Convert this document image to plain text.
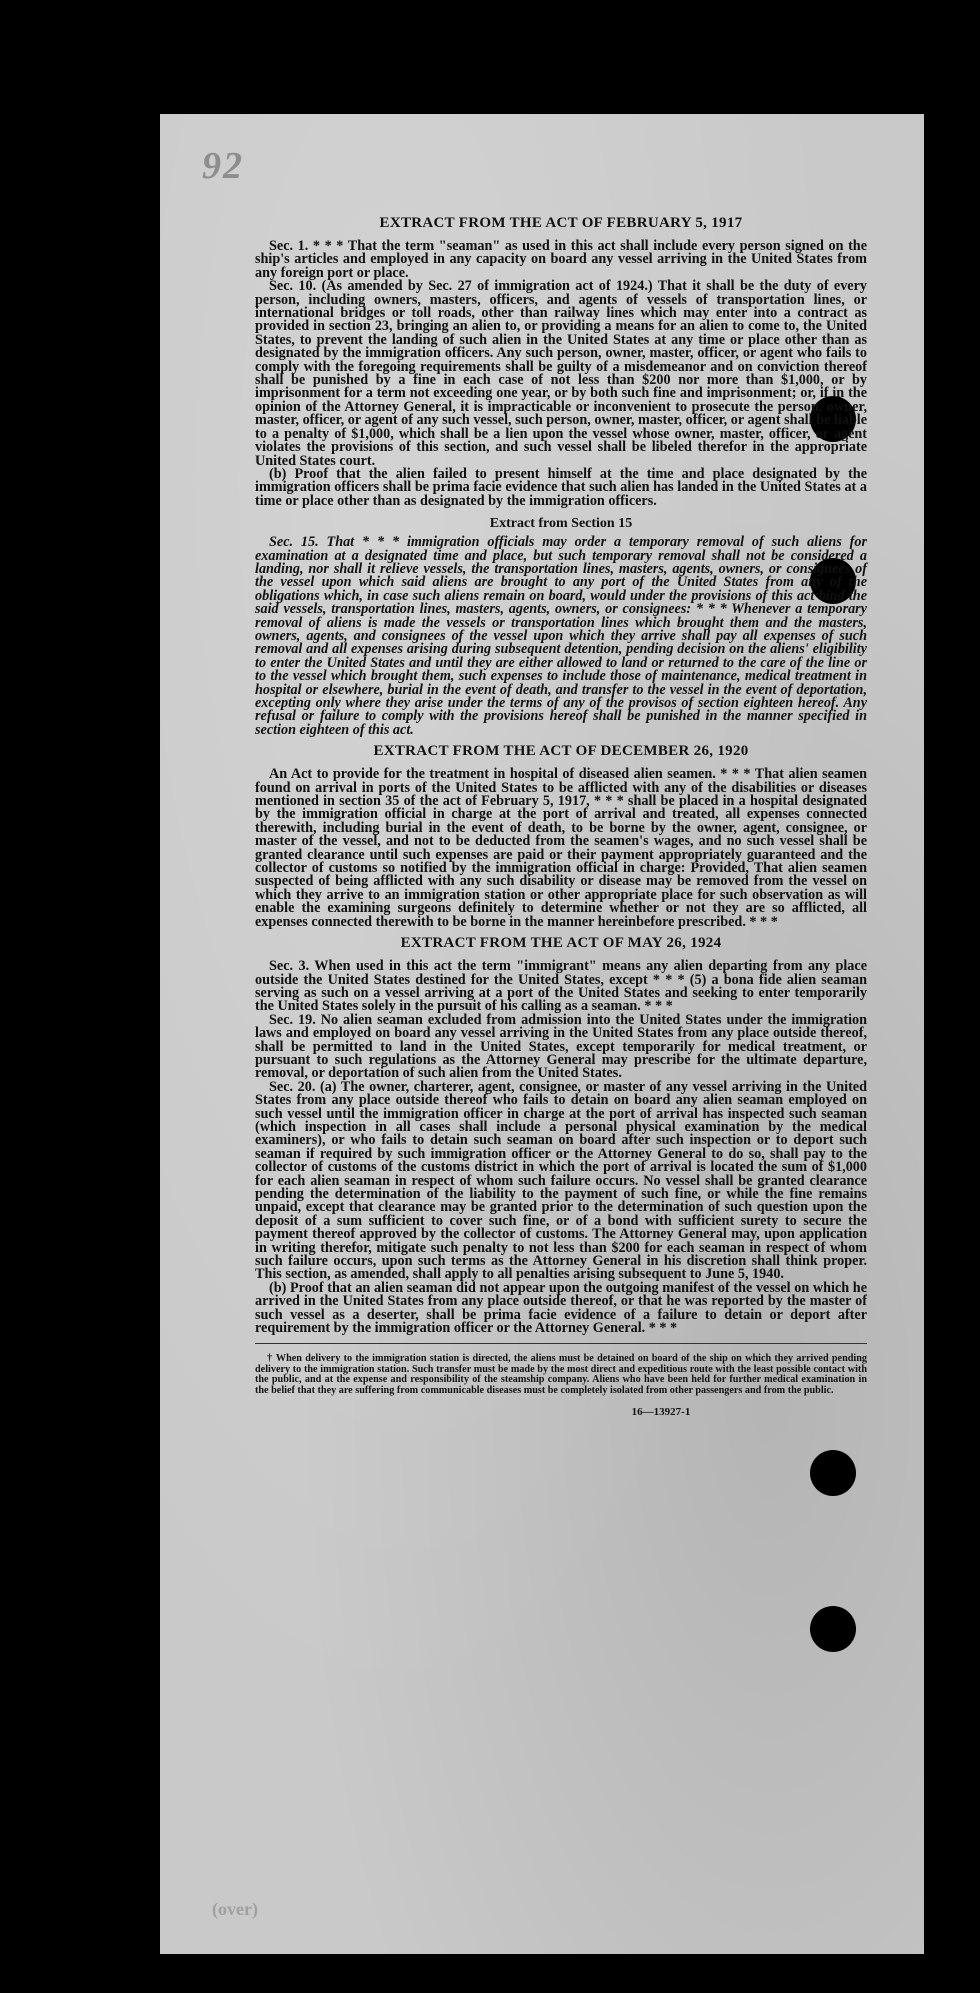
92
EXTRACT FROM THE ACT OF FEBRUARY 5, 1917

Sec. 1. * * * That the term "seaman" as used in this act shall include every person signed on the ship's articles and employed in any capacity on board any vessel arriving in the United States from any foreign port or place.

Sec. 10. (As amended by Sec. 27 of immigration act of 1924.) That it shall be the duty of every person, including owners, masters, officers, and agents of vessels of transportation lines, or international bridges or toll roads, other than railway lines which may enter into a contract as provided in section 23, bringing an alien to, or providing a means for an alien to come to, the United States, to prevent the landing of such alien in the United States at any time or place other than as designated by the immigration officers. Any such person, owner, master, officer, or agent who fails to comply with the foregoing requirements shall be guilty of a misdemeanor and on conviction thereof shall be punished by a fine in each case of not less than $200 nor more than $1,000, or by imprisonment for a term not exceeding one year, or by both such fine and imprisonment; or, if in the opinion of the Attorney General, it is impracticable or inconvenient to prosecute the person, owner, master, officer, or agent of any such vessel, such person, owner, master, officer, or agent shall be liable to a penalty of $1,000, which shall be a lien upon the vessel whose owner, master, officer, or agent violates the provisions of this section, and such vessel shall be libeled therefor in the appropriate United States court.

(b) Proof that the alien failed to present himself at the time and place designated by the immigration officers shall be prima facie evidence that such alien has landed in the United States at a time or place other than as designated by the immigration officers.

Extract from Section 15

Sec. 15. That * * * immigration officials may order a temporary removal of such aliens for examination at a designated time and place, but such temporary removal shall not be considered a landing, nor shall it relieve vessels, the transportation lines, masters, agents, owners, or consignees of the vessel upon which said aliens are brought to any port of the United States from any of the obligations which, in case such aliens remain on board, would under the provisions of this act bind the said vessels, transportation lines, masters, agents, owners, or consignees: * * * Whenever a temporary removal of aliens is made the vessels or transportation lines which brought them and the masters, owners, agents, and consignees of the vessel upon which they arrive shall pay all expenses of such removal and all expenses arising during subsequent detention, pending decision on the aliens' eligibility to enter the United States and until they are either allowed to land or returned to the care of the line or to the vessel which brought them, such expenses to include those of maintenance, medical treatment in hospital or elsewhere, burial in the event of death, and transfer to the vessel in the event of deportation, excepting only where they arise under the terms of any of the provisos of section eighteen hereof. Any refusal or failure to comply with the provisions hereof shall be punished in the manner specified in section eighteen of this act.

EXTRACT FROM THE ACT OF DECEMBER 26, 1920

An Act to provide for the treatment in hospital of diseased alien seamen. * * * That alien seamen found on arrival in ports of the United States to be afflicted with any of the disabilities or diseases mentioned in section 35 of the act of February 5, 1917, * * * shall be placed in a hospital designated by the immigration official in charge at the port of arrival and treated, all expenses connected therewith, including burial in the event of death, to be borne by the owner, agent, consignee, or master of the vessel, and not to be deducted from the seamen's wages, and no such vessel shall be granted clearance until such expenses are paid or their payment appropriately guaranteed and the collector of customs so notified by the immigration official in charge: Provided, That alien seamen suspected of being afflicted with any such disability or disease may be removed from the vessel on which they arrive to an immigration station or other appropriate place for such observation as will enable the examining surgeons definitely to determine whether or not they are so afflicted, all expenses connected therewith to be borne in the manner hereinbefore prescribed. * * *

EXTRACT FROM THE ACT OF MAY 26, 1924

Sec. 3. When used in this act the term "immigrant" means any alien departing from any place outside the United States destined for the United States, except * * * (5) a bona fide alien seaman serving as such on a vessel arriving at a port of the United States and seeking to enter temporarily the United States solely in the pursuit of his calling as a seaman. * * *

Sec. 19. No alien seaman excluded from admission into the United States under the immigration laws and employed on board any vessel arriving in the United States from any place outside thereof, shall be permitted to land in the United States, except temporarily for medical treatment, or pursuant to such regulations as the Attorney General may prescribe for the ultimate departure, removal, or deportation of such alien from the United States.

Sec. 20. (a) The owner, charterer, agent, consignee, or master of any vessel arriving in the United States from any place outside thereof who fails to detain on board any alien seaman employed on such vessel until the immigration officer in charge at the port of arrival has inspected such seaman (which inspection in all cases shall include a personal physical examination by the medical examiners), or who fails to detain such seaman on board after such inspection or to deport such seaman if required by such immigration officer or the Attorney General to do so, shall pay to the collector of customs of the customs district in which the port of arrival is located the sum of $1,000 for each alien seaman in respect of whom such failure occurs. No vessel shall be granted clearance pending the determination of the liability to the payment of such fine, or while the fine remains unpaid, except that clearance may be granted prior to the determination of such question upon the deposit of a sum sufficient to cover such fine, or of a bond with sufficient surety to secure the payment thereof approved by the collector of customs. The Attorney General may, upon application in writing therefor, mitigate such penalty to not less than $200 for each seaman in respect of whom such failure occurs, upon such terms as the Attorney General in his discretion shall think proper. This section, as amended, shall apply to all penalties arising subsequent to June 5, 1940.

(b) Proof that an alien seaman did not appear upon the outgoing manifest of the vessel on which he arrived in the United States from any place outside thereof, or that he was reported by the master of such vessel as a deserter, shall be prima facie evidence of a failure to detain or deport after requirement by the immigration officer or the Attorney General. * * *

† When delivery to the immigration station is directed, the aliens must be detained on board of the ship on which they arrived pending delivery to the immigration station. Such transfer must be made by the most direct and expeditious route with the least possible contact with the public, and at the expense and responsibility of the steamship company. Aliens who have been held for further medical examination in the belief that they are suffering from communicable diseases must be completely isolated from other passengers and from the public.

16—13927-1
(over)
